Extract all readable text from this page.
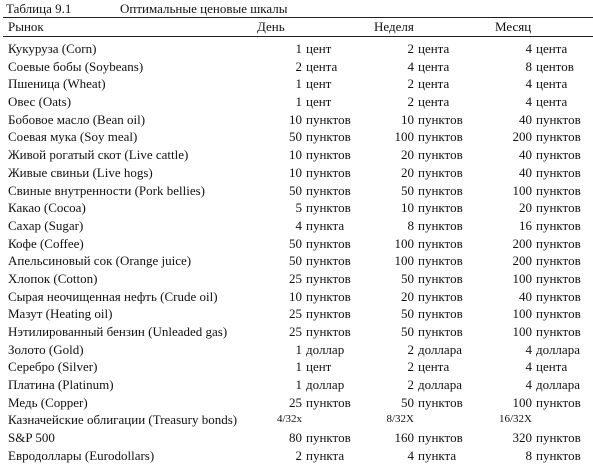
Таблица 9.1	Оптимальные ценовые шкалы
Рынок	День	Неделя	Месяц
Кукуруза (Corn)	1 цент	2 цента	4 цента
Соевые бобы (Soybeans)	2 цента	4 цента	8 центов
Пшеница (Wheat)	1 цент	2 цента	4 цента
Овес (Oats)	1 цент	2 цента	4 цента
Бобовое масло (Bean oil)	10 пунктов	10 пунктов	40 пунктов
Соевая мука (Soy meal)	50 пунктов	100 пунктов	200 пунктов
Живой рогатый скот (Live cattle)	10 пунктов	20 пунктов	40 пунктов
Живые свиньи (Live hogs)	10 пунктов	20 пунктов	40 пунктов
Свиные внутренности (Pork bellies)	50 пунктов	50 пунктов	100 пунктов
Какао (Cocoa)	5 пунктов	10 пунктов	20 пунктов
Сахар (Sugar)	4 пункта	8 пунктов	16 пунктов
Кофе (Coffee)	50 пунктов	100 пунктов	200 пунктов
Апельсиновый сок (Orange juice)	50 пунктов	100 пунктов	200 пунктов
Хлопок (Cotton)	25 пунктов	50 пунктов	100 пунктов
Сырая неочищенная нефть (Crude oil)	10 пунктов	20 пунктов	40 пунктов
Мазут (Heating oil)	25 пунктов	50 пунктов	100 пунктов
Нэтилированный бензин (Unleaded gas)	25 пунктов	50 пунктов	100 пунктов
Золото (Gold)	1 доллар	2 доллара	4 доллара
Серебро (Silver)	1 цент	2 цента	4 цента
Платина (Platinum)	1 доллар	2 доллара	4 доллара
Медь (Copper)	25 пунктов	50 пунктов	100 пунктов
Казначейские облигации (Treasury bonds)	4/32x	8/32X	16/32X
S&P 500	80 пунктов	160 пунктов	320 пунктов
Евродоллары (Eurodollars)	2 пункта	4 пункта	8 пунктов
